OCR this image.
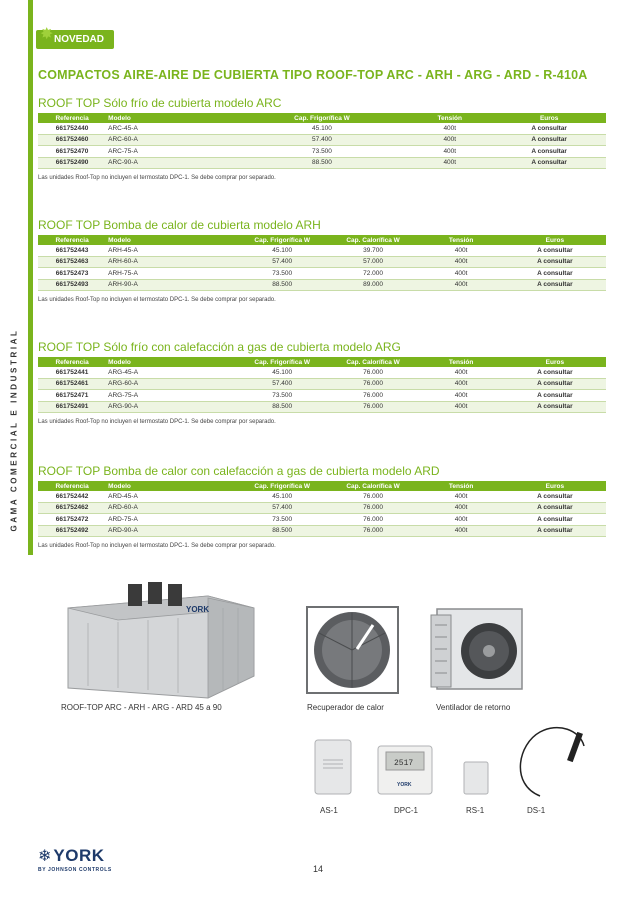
GAMA COMERCIAL E INDUSTRIAL
NOVEDAD
✸
COMPACTOS AIRE-AIRE DE CUBIERTA TIPO ROOF-TOP ARC - ARH - ARG - ARD - R-410A
ROOF TOP Sólo frío de cubierta modelo ARC
Referencia	Modelo	Cap. Frigorífica W	Tensión	Euros
661752440	ARC-45-A	45.100	400t	A consultar
661752460	ARC-60-A	57.400	400t	A consultar
661752470	ARC-75-A	73.500	400t	A consultar
661752490	ARC-90-A	88.500	400t	A consultar
Las unidades Roof-Top no incluyen el termostato DPC-1. Se debe comprar por separado.
ROOF TOP Bomba de calor de cubierta modelo ARH
Referencia	Modelo	Cap. Frigorífica W	Cap. Calorífica W	Tensión	Euros
661752443	ARH-45-A	45.100	39.700	400t	A consultar
661752463	ARH-60-A	57.400	57.000	400t	A consultar
661752473	ARH-75-A	73.500	72.000	400t	A consultar
661752493	ARH-90-A	88.500	89.000	400t	A consultar
Las unidades Roof-Top no incluyen el termostato DPC-1. Se debe comprar por separado.
ROOF TOP Sólo frío con calefacción a gas de cubierta modelo ARG
Referencia	Modelo	Cap. Frigorífica W	Cap. Calorífica W	Tensión	Euros
661752441	ARG-45-A	45.100	76.000	400t	A consultar
661752461	ARG-60-A	57.400	76.000	400t	A consultar
661752471	ARG-75-A	73.500	76.000	400t	A consultar
661752491	ARG-90-A	88.500	76.000	400t	A consultar
Las unidades Roof-Top no incluyen el termostato DPC-1. Se debe comprar por separado.
ROOF TOP Bomba de calor con calefacción a gas de cubierta modelo ARD
Referencia	Modelo	Cap. Frigorífica W	Cap. Calorífica W	Tensión	Euros
661752442	ARD-45-A	45.100	76.000	400t	A consultar
661752462	ARD-60-A	57.400	76.000	400t	A consultar
661752472	ARD-75-A	73.500	76.000	400t	A consultar
661752492	ARD-90-A	88.500	76.000	400t	A consultar
Las unidades Roof-Top no incluyen el termostato DPC-1. Se debe comprar por separado.
YORK
ROOF-TOP ARC - ARH - ARG - ARD 45 a 90	Recuperador de calor	Ventilador de retorno
AS-1
2517
YORK
DPC-1	RS-1	DS-1
❄ YORK
BY JOHNSON CONTROLS	14
